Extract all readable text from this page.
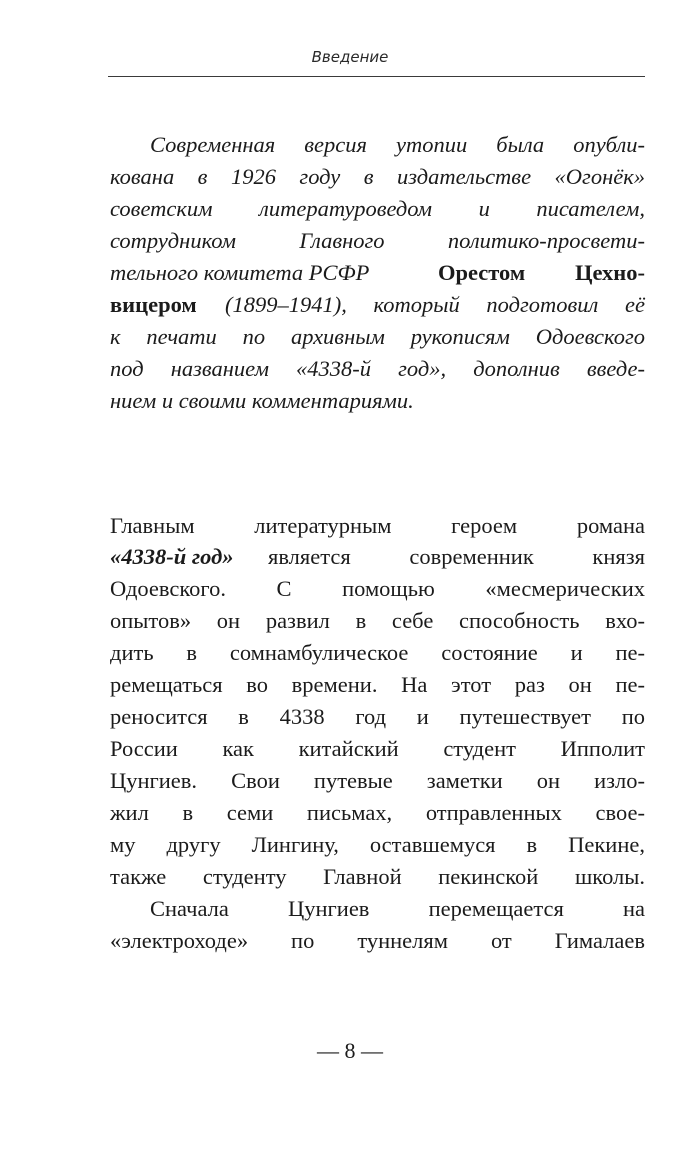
Введение
Современная версия утопии была опубли-
кована в 1926 году в издательстве «Огонёк»
советским литературоведом и писателем,
сотрудником Главного политико-просвети-
тельного комитета РСФР	Орестом Цехно-
вицером	(1899–1941), который подготовил её
к печати по архивным рукописям Одоевского
под названием «4338-й год», дополнив введе-
нием и своими комментариями.
Главным литературным героем романа
«4338-й год»	является современник князя
Одоевского. С помощью «месмерических
опытов» он развил в себе способность вхо-
дить в сомнамбулическое состояние и пе-
ремещаться во времени. На этот раз он пе-
реносится в 4338 год и путешествует по
России как китайский студент Ипполит
Цунгиев. Свои путевые заметки он изло-
жил в семи письмах, отправленных свое-
му другу Лингину, оставшемуся в Пекине,
также студенту Главной пекинской школы.
Сначала Цунгиев перемещается на
«электроходе» по туннелям от Гималаев
— 8 —
